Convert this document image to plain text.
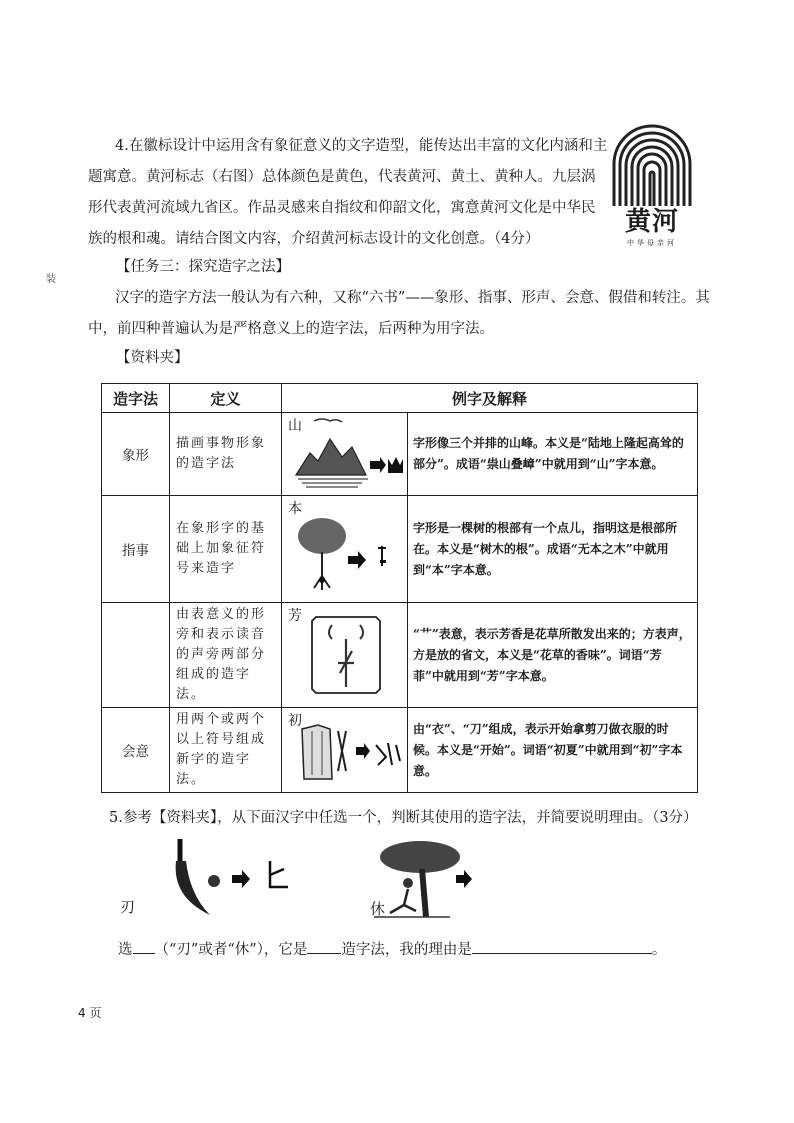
装

4.在徽标设计中运用含有象征意义的文字造型，能传达出丰富的文化内涵和主题寓意。黄河标志（右图）总体颜色是黄色，代表黄河、黄土、黄种人。九层涡形代表黄河流域九省区。作品灵感来自指纹和仰韶文化，寓意黄河文化是中华民族的根和魂。请结合图文内容，介绍黄河标志设计的文化创意。（4分）

黄河
中华母亲河
【任务三：探究造字之法】

汉字的造字方法一般认为有六种，又称“六书”——象形、指事、形声、会意、假借和转注。其中，前四种普遍认为是严格意义上的造字法，后两种为用字法。

【资料夹】
造字法	定义	例字及解释	
象形	描画事物形象的造字法	山	字形像三个并排的山峰。本义是“陆地上隆起高耸的部分”。成语“祟山叠嶂”中就用到“山”字本意。
指事	在象形字的基础上加象征符号来造字	本	字形是一棵树的根部有一个点儿，指明这是根部所在。本义是“树木的根”。成语“无本之木”中就用到“本”字本意。
	由表意义的形旁和表示读音的声旁两部分组成的造字法。	芳	“艹”表意，表示芳香是花草所散发出来的；方表声，方是放的省文，本义是“花草的香味”。词语“芳菲”中就用到“芳”字本意。
会意	用两个或两个以上符号组成新字的造字法。	初	由“衣”、“刀”组成，表示开始拿剪刀做衣服的时候。本义是“开始”。词语“初夏”中就用到“初”字本意。
5.参考【资料夹】，从下面汉字中任选一个，判断其使用的造字法，并简要说明理由。（3分）
刃	休
选 （“刃”或者“休”），它是 造字法，我的理由是	。
4 页
